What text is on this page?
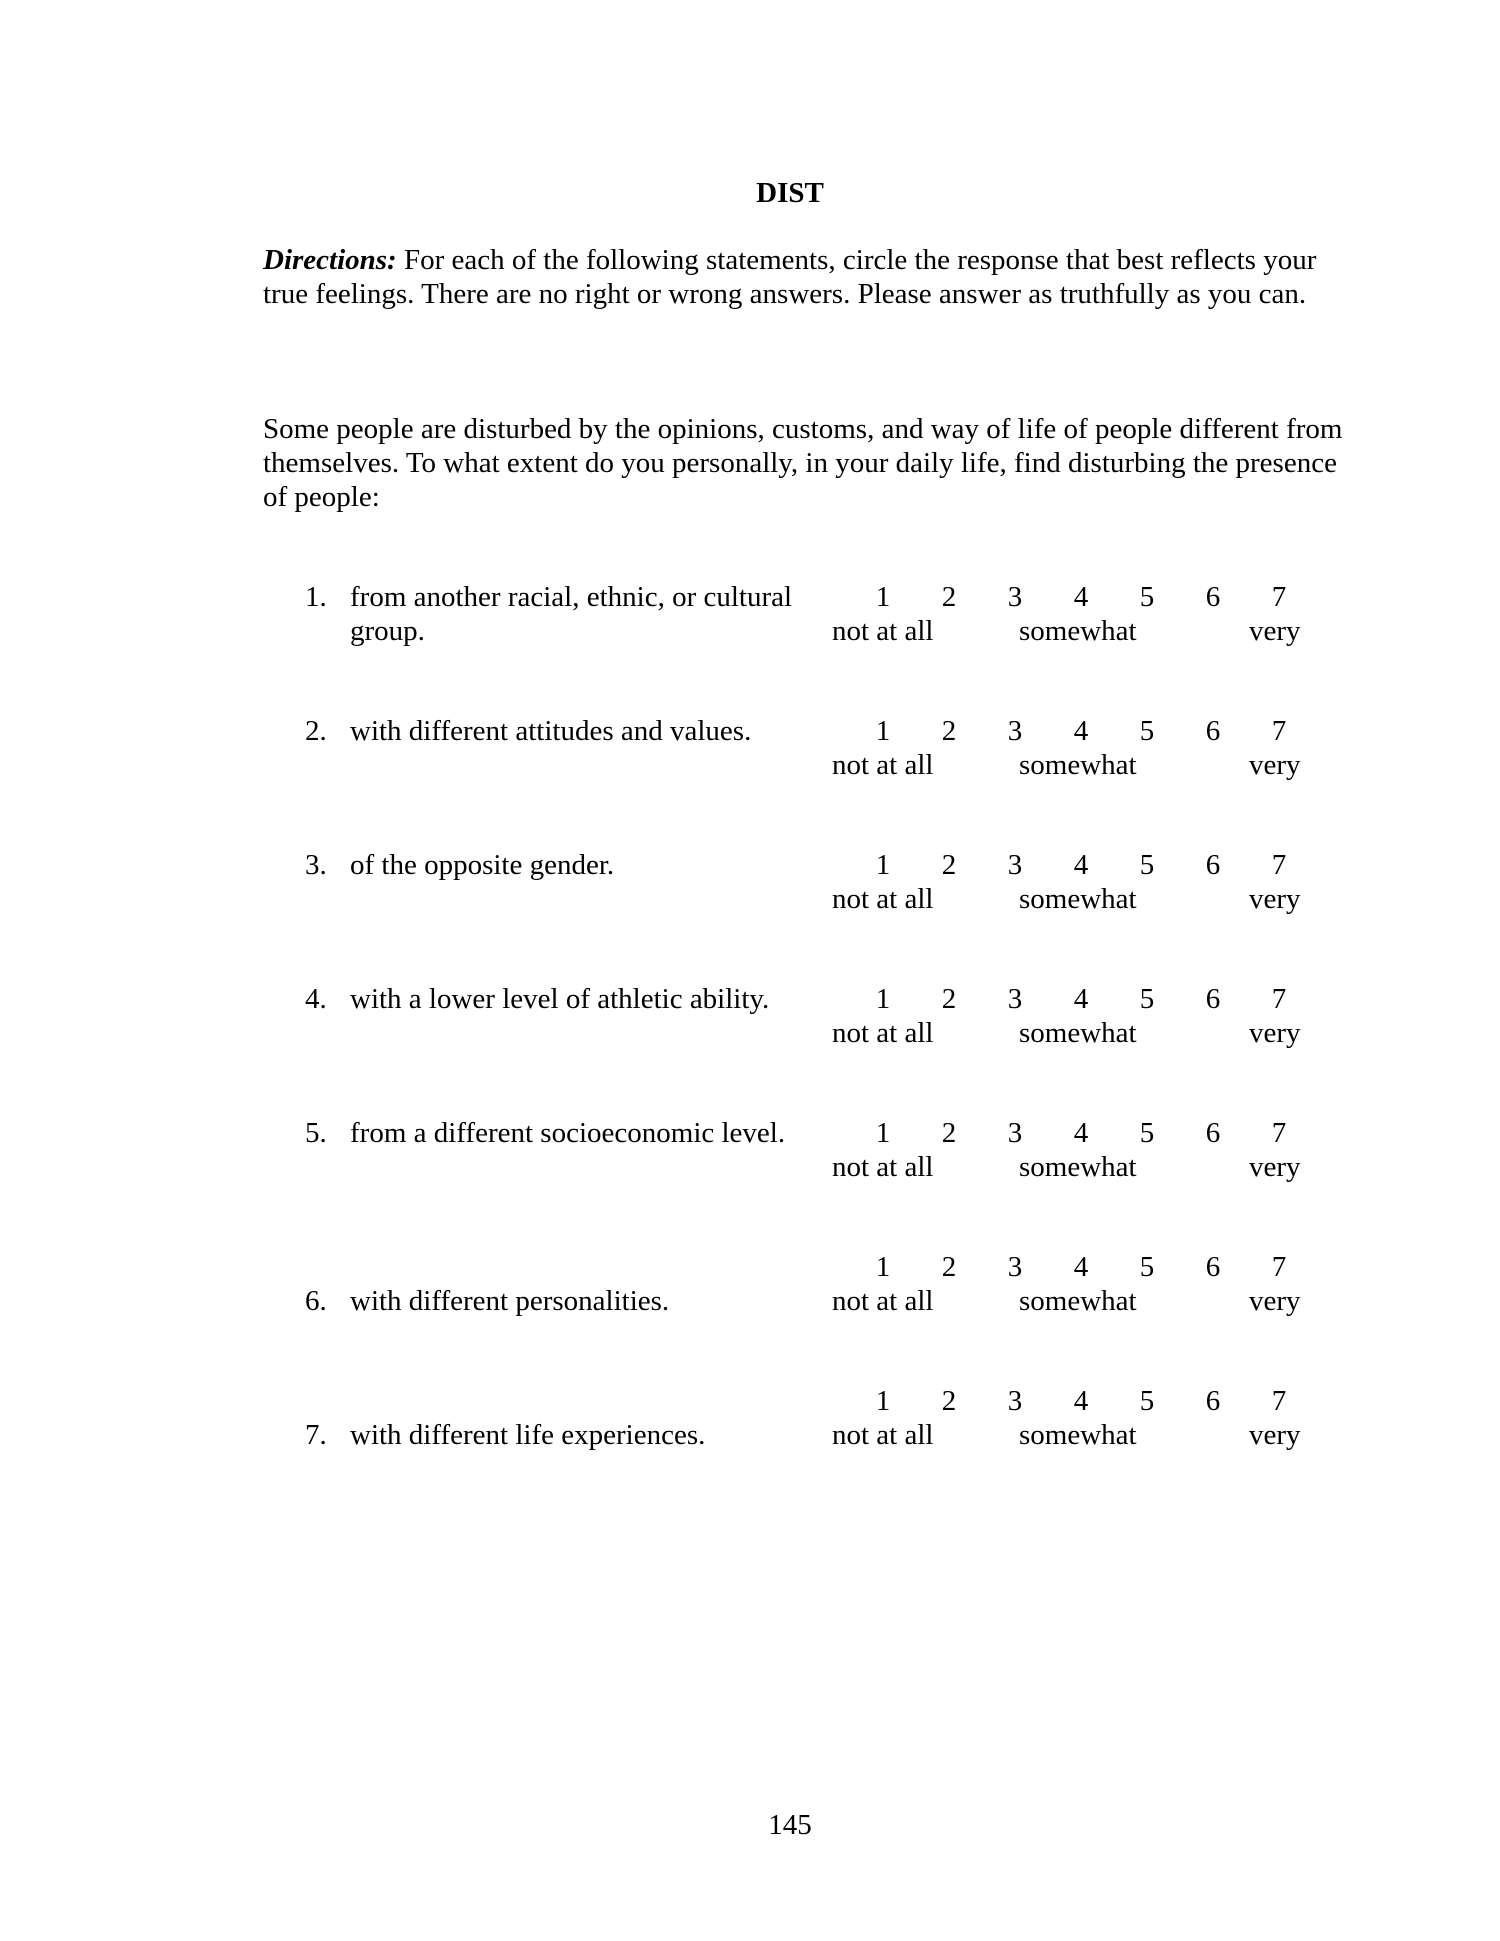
DIST
Directions: For each of the following statements, circle the response that best reflects your true feelings. There are no right or wrong answers. Please answer as truthfully as you can.
Some people are disturbed by the opinions, customs, and way of life of people different from themselves. To what extent do you personally, in your daily life, find disturbing the presence of people:
1. from another racial, ethnic, or cultural group.
1 2 3 4 5 6 7
not at all	somewhat	very
2. with different attitudes and values.	1 2 3 4 5 6 7
not at all	somewhat	very
3. of the opposite gender.	1 2 3 4 5 6 7
not at all	somewhat	very
4. with a lower level of athletic ability.	1 2 3 4 5 6 7
not at all	somewhat	very
5. from a different socioeconomic level.	1 2 3 4 5 6 7
not at all	somewhat	very
6. with different personalities.
1 2 3 4 5 6 7
not at all	somewhat	very
7. with different life experiences.
1 2 3 4 5 6 7
not at all	somewhat	very
145
